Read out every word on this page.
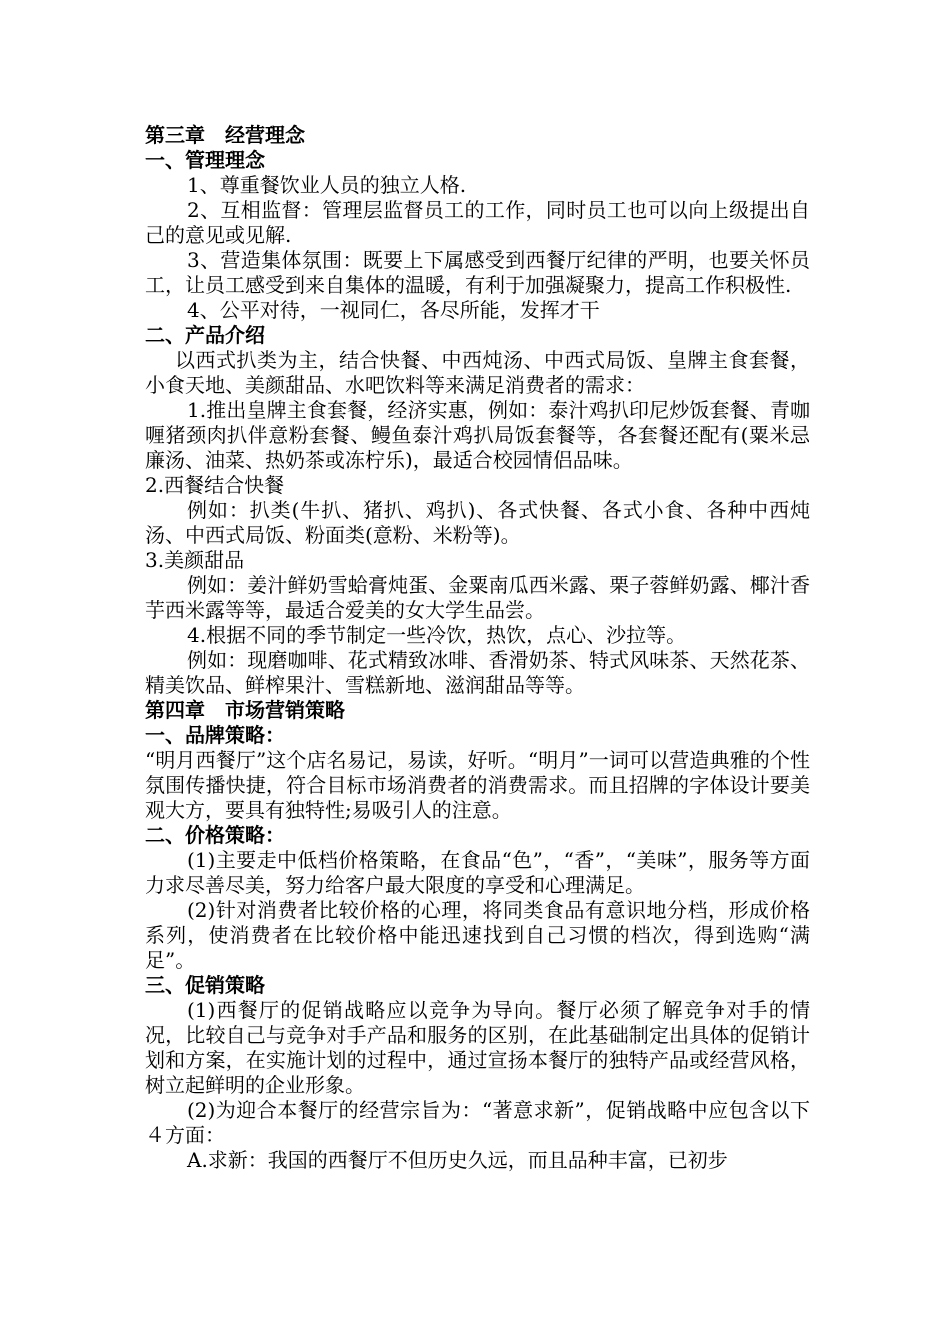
第三章　经营理念

一、管理理念

1、尊重餐饮业人员的独立人格.

2、互相监督：管理层监督员工的工作，同时员工也可以向上级提出自己的意见或见解.

3、营造集体氛围：既要上下属感受到西餐厅纪律的严明，也要关怀员工，让员工感受到来自集体的温暖，有利于加强凝聚力，提高工作积极性.

4、公平对待，一视同仁，各尽所能，发挥才干

二、产品介绍

以西式扒类为主，结合快餐、中西炖汤、中西式局饭、皇牌主食套餐，小食天地、美颜甜品、水吧饮料等来满足消费者的需求：

1.推出皇牌主食套餐，经济实惠，例如：泰汁鸡扒印尼炒饭套餐、青咖喱猪颈肉扒伴意粉套餐、鳗鱼泰汁鸡扒局饭套餐等，各套餐还配有(粟米忌廉汤、油菜、热奶茶或冻柠乐)，最适合校园情侣品味。

2.西餐结合快餐

例如：扒类(牛扒、猪扒、鸡扒)、各式快餐、各式小食、各种中西炖汤、中西式局饭、粉面类(意粉、米粉等)。

3.美颜甜品

例如：姜汁鲜奶雪蛤膏炖蛋、金粟南瓜西米露、栗子蓉鲜奶露、椰汁香芋西米露等等，最适合爱美的女大学生品尝。

4.根据不同的季节制定一些冷饮，热饮，点心、沙拉等。

例如：现磨咖啡、花式精致冰啡、香滑奶茶、特式风味茶、天然花茶、精美饮品、鲜榨果汁、雪糕新地、滋润甜品等等。

第四章　市场营销策略

一、品牌策略：

“明月西餐厅”这个店名易记，易读，好听。“明月”一词可以营造典雅的个性氛围传播快捷，符合目标市场消费者的消费需求。而且招牌的字体设计要美观大方，要具有独特性;易吸引人的注意。

二、价格策略：

(1)主要走中低档价格策略，在食品“色”，“香”，“美味”，服务等方面力求尽善尽美，努力给客户最大限度的享受和心理满足。

(2)针对消费者比较价格的心理，将同类食品有意识地分档，形成价格系列，使消费者在比较价格中能迅速找到自己习惯的档次，得到选购“满足”。

三、促销策略

(1)西餐厅的促销战略应以竞争为导向。餐厅必须了解竞争对手的情况，比较自己与竞争对手产品和服务的区别，在此基础制定出具体的促销计划和方案，在实施计划的过程中，通过宣扬本餐厅的独特产品或经营风格，树立起鲜明的企业形象。

(2)为迎合本餐厅的经营宗旨为：“著意求新”，促销战略中应包含以下４方面：

A.求新：我国的西餐厅不但历史久远，而且品种丰富，已初步
